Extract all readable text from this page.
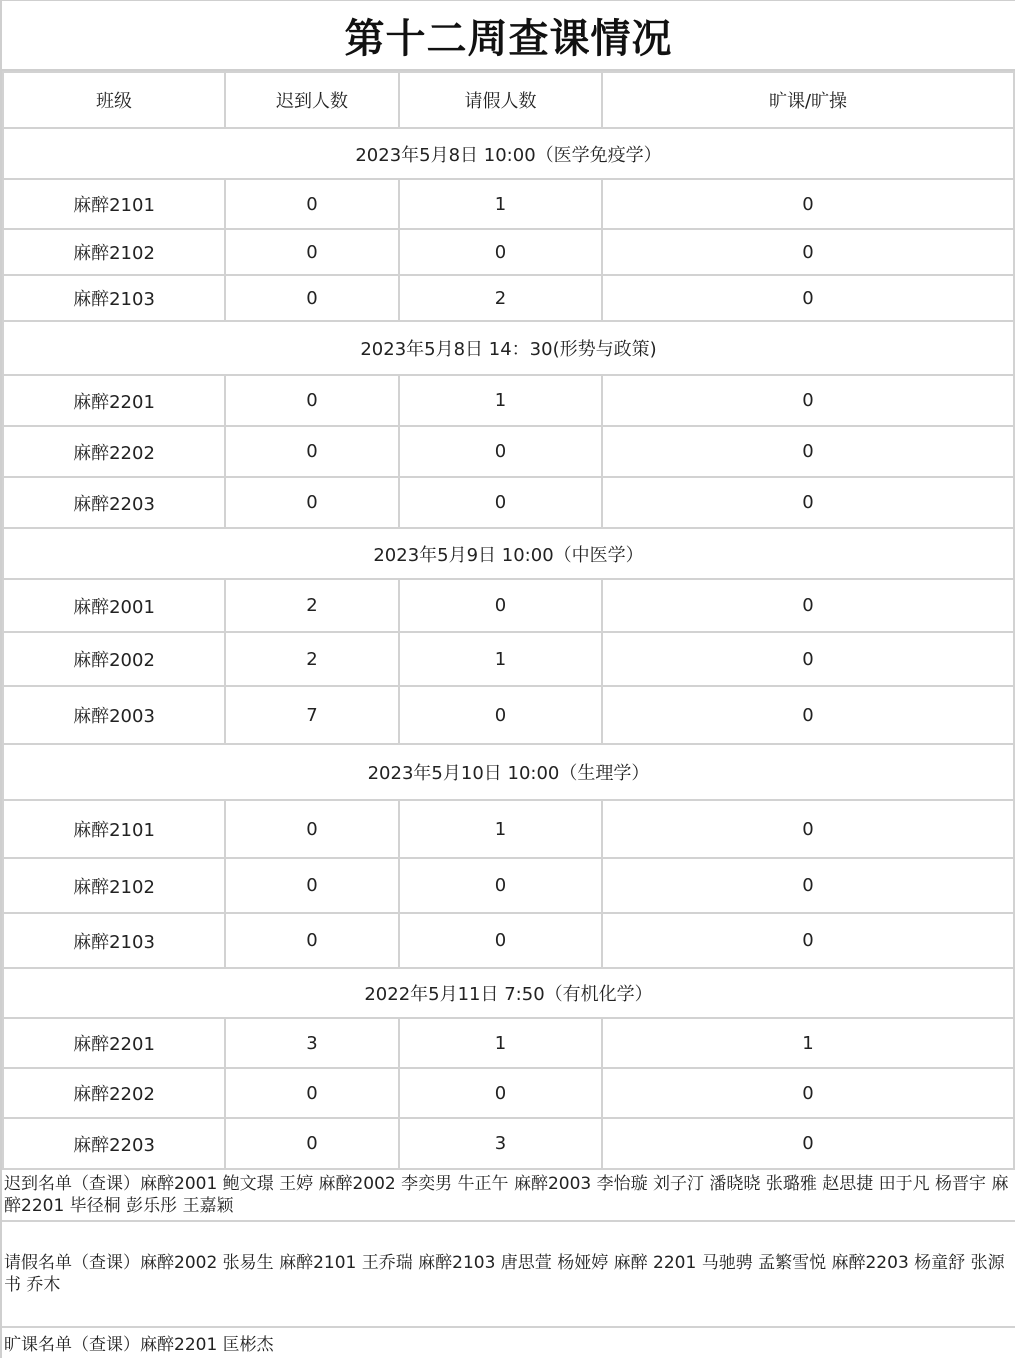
第十二周查课情况
班级	迟到人数	请假人数	旷课/旷操
2023年5月8日 10:00（医学免疫学）			
麻醉2101	0	1	0
麻醉2102	0	0	0
麻醉2103	0	2	0
2023年5月8日 14：30(形势与政策)			
麻醉2201	0	1	0
麻醉2202	0	0	0
麻醉2203	0	0	0
2023年5月9日 10:00（中医学）			
麻醉2001	2	0	0
麻醉2002	2	1	0
麻醉2003	7	0	0
2023年5月10日 10:00（生理学）			
麻醉2101	0	1	0
麻醉2102	0	0	0
麻醉2103	0	0	0
2022年5月11日 7:50（有机化学）			
麻醉2201	3	1	1
麻醉2202	0	0	0
麻醉2203	0	3	0
迟到名单（查课）麻醉2001 鲍文璟 王婷 麻醉2002 李奕男 牛正午 麻醉2003 李怡璇 刘子汀 潘晓晓 张璐雅 赵思捷 田于凡 杨晋宇 麻醉2201 毕径桐 彭乐彤 王嘉颖
请假名单（查课）麻醉2002 张易生 麻醉2101 王乔瑞 麻醉2103 唐思萱 杨娅婷 麻醉 2201 马驰骋 孟繁雪悦 麻醉2203 杨童舒 张源书 乔木
旷课名单（查课）麻醉2201 匡彬杰
